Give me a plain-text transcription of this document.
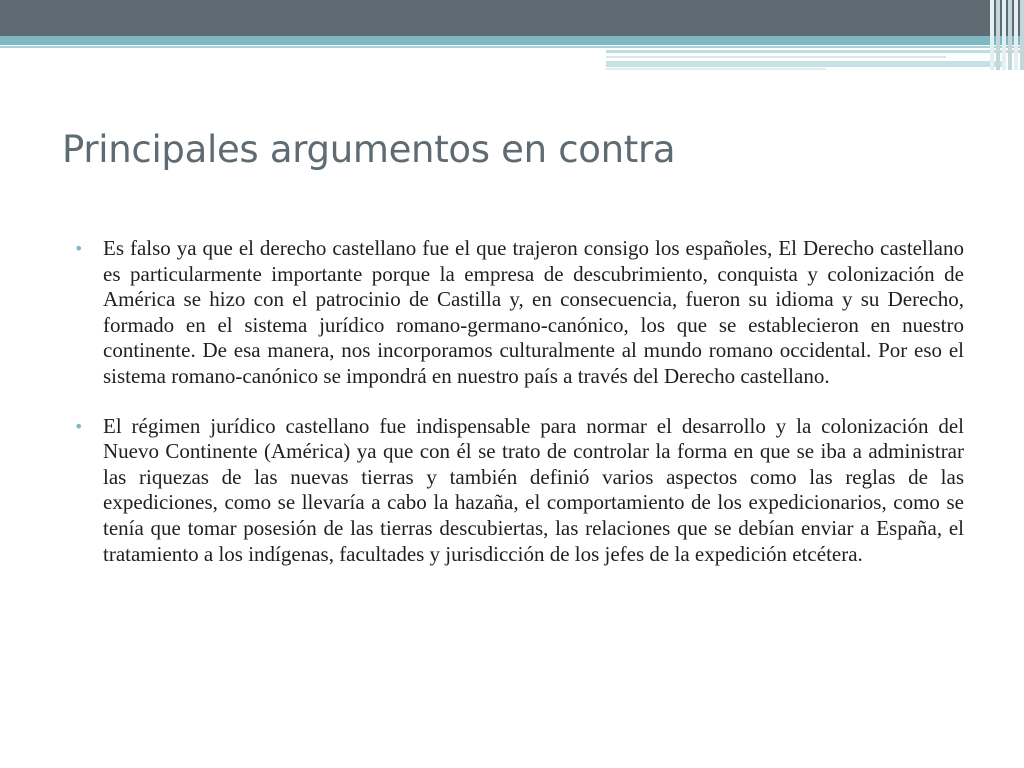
Principales argumentos en contra

• Es falso ya que el derecho castellano fue el que trajeron consigo los españoles, El Derecho castellano es particularmente importante porque la empresa de descubrimiento, conquista y colonización de América se hizo con el patrocinio de Castilla y, en consecuencia, fueron su idioma y su Derecho, formado en el sistema jurídico romano-germano-canónico, los que se establecieron en nuestro continente. De esa manera, nos incorporamos culturalmente al mundo romano occidental. Por eso el sistema romano-canónico se impondrá en nuestro país a través del Derecho castellano.

• El régimen jurídico castellano fue indispensable para normar el desarrollo y la colonización del Nuevo Continente (América) ya que con él se trato de controlar la forma en que se iba a administrar las riquezas de las nuevas tierras y también definió varios aspectos como las reglas de las expediciones, como se llevaría a cabo la hazaña, el comportamiento de los expedicionarios, como se tenía que tomar posesión de las tierras descubiertas, las relaciones que se debían enviar a España, el tratamiento a los indígenas, facultades y jurisdicción de los jefes de la expedición etcétera.
